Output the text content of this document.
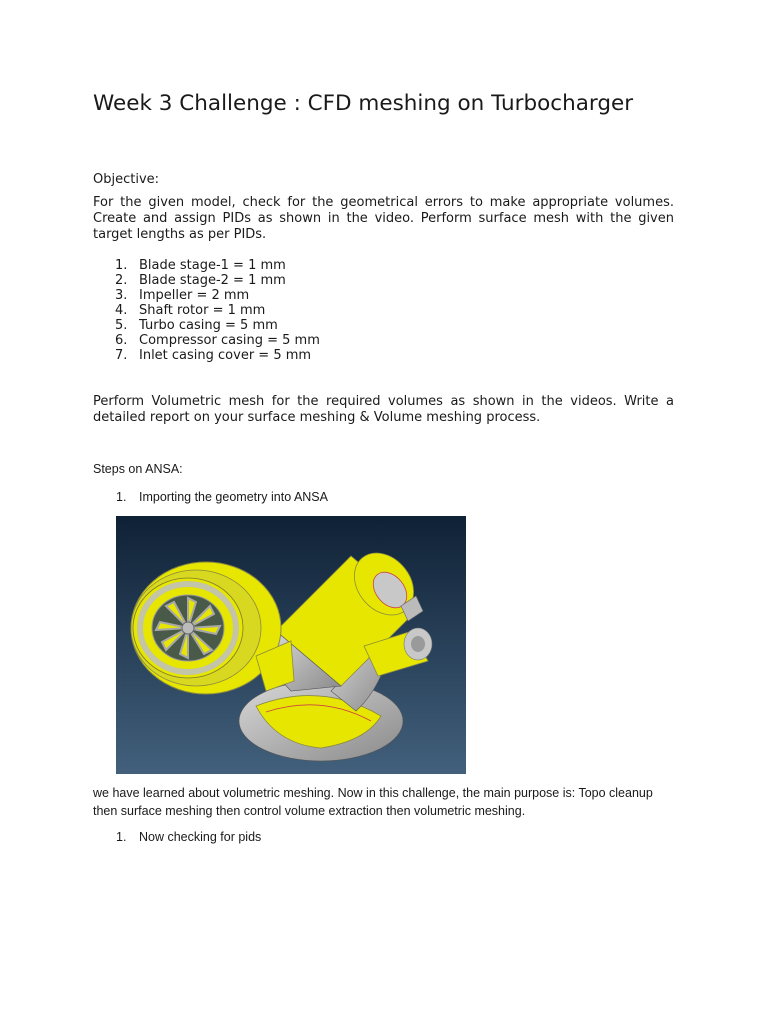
Week 3 Challenge : CFD meshing on Turbocharger
Objective:

For the given model, check for the geometrical errors to make appropriate volumes. Create and assign PIDs as shown in the video. Perform surface mesh with the given target lengths as per PIDs.

1. Blade stage-1 = 1 mm
2. Blade stage-2 = 1 mm
3. Impeller = 2 mm
4. Shaft rotor = 1 mm
5. Turbo casing = 5 mm
6. Compressor casing = 5 mm
7. Inlet casing cover = 5 mm

Perform Volumetric mesh for the required volumes as shown in the videos. Write a detailed report on your surface meshing & Volume meshing process.

Steps on ANSA:
1. Importing the geometry into ANSA

we have learned about volumetric meshing. Now in this challenge, the main purpose is: Topo cleanup then surface meshing then control volume extraction then volumetric meshing.

1. Now checking for pids
